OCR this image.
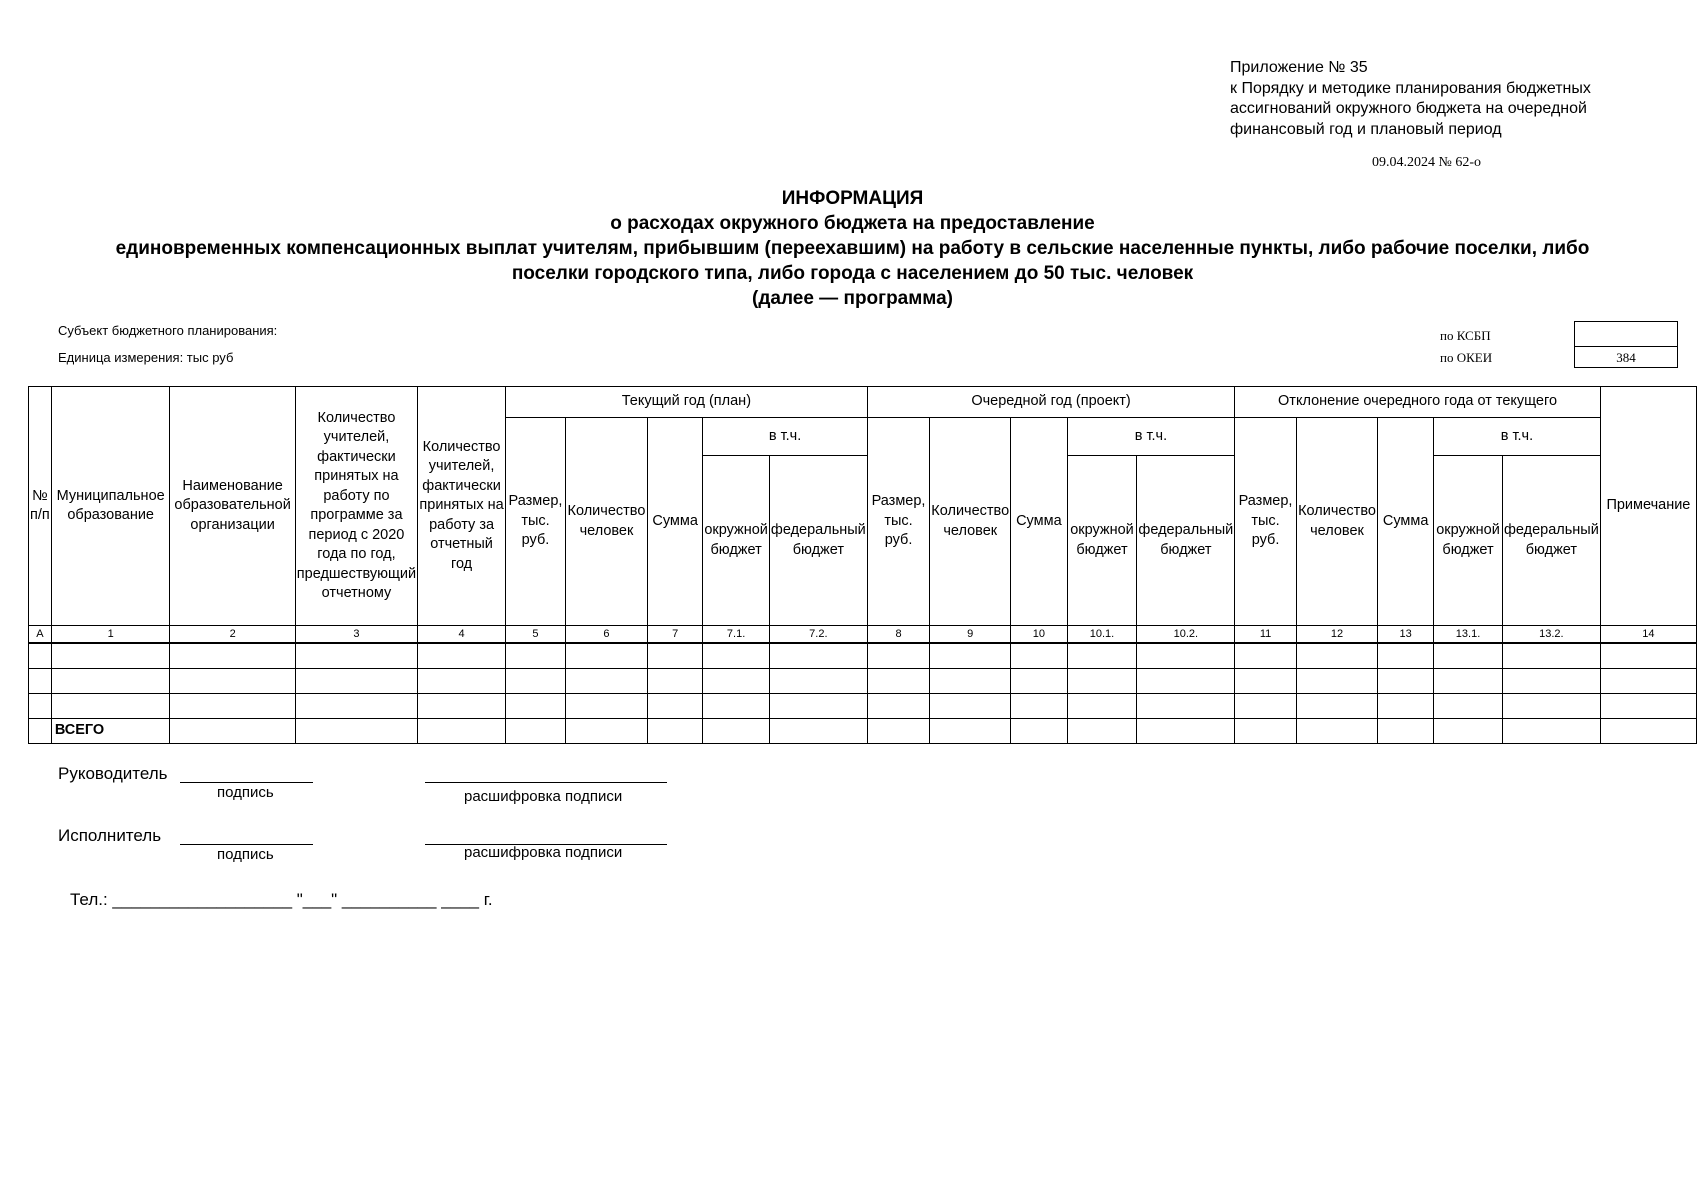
Приложение № 35
к Порядку и методике планирования бюджетных
ассигнований окружного бюджета на очередной
финансовый год и плановый период
09.04.2024 № 62-о
ИНФОРМАЦИЯ
о расходах окружного бюджета на предоставление
единовременных компенсационных выплат учителям, прибывшим (переехавшим) на работу в сельские населенные пункты, либо рабочие поселки, либо
поселки городского типа, либо города с населением до 50 тыс. человек
(далее — программа)
Субъект бюджетного планирования:
Единица измерения: тыс руб
по КСБП
по ОКЕИ	384
№ п/п	Муниципальное образование	Наименование образовательной организации	Количество учителей, фактически принятых на работу по программе за период с 2020 года по год, предшествующий отчетному	Количество учителей, фактически принятых на работу за отчетный год	Текущий год (план)					Очередной год (проект)					Отклонение очередного года от текущего					Примечание
					Размер, тыс. руб.	Количество человек	Сумма	в т.ч.		Размер, тыс. руб.	Количество человек	Сумма	в т.ч.		Размер, тыс. руб.	Количество человек	Сумма	в т.ч.		
								окружной бюджет	федеральный бюджет				окружной бюджет	федеральный бюджет				окружной бюджет	федеральный бюджет	
А	1	2	3	4	5	6	7	7.1.	7.2.	8	9	10	10.1.	10.2.	11	12	13	13.1.	13.2.	14

	ВСЕГО																			
Руководитель
подпись	расшифровка подписи
Исполнитель
подпись	расшифровка подписи
Тел.: ___________________ "___" __________ ____ г.
